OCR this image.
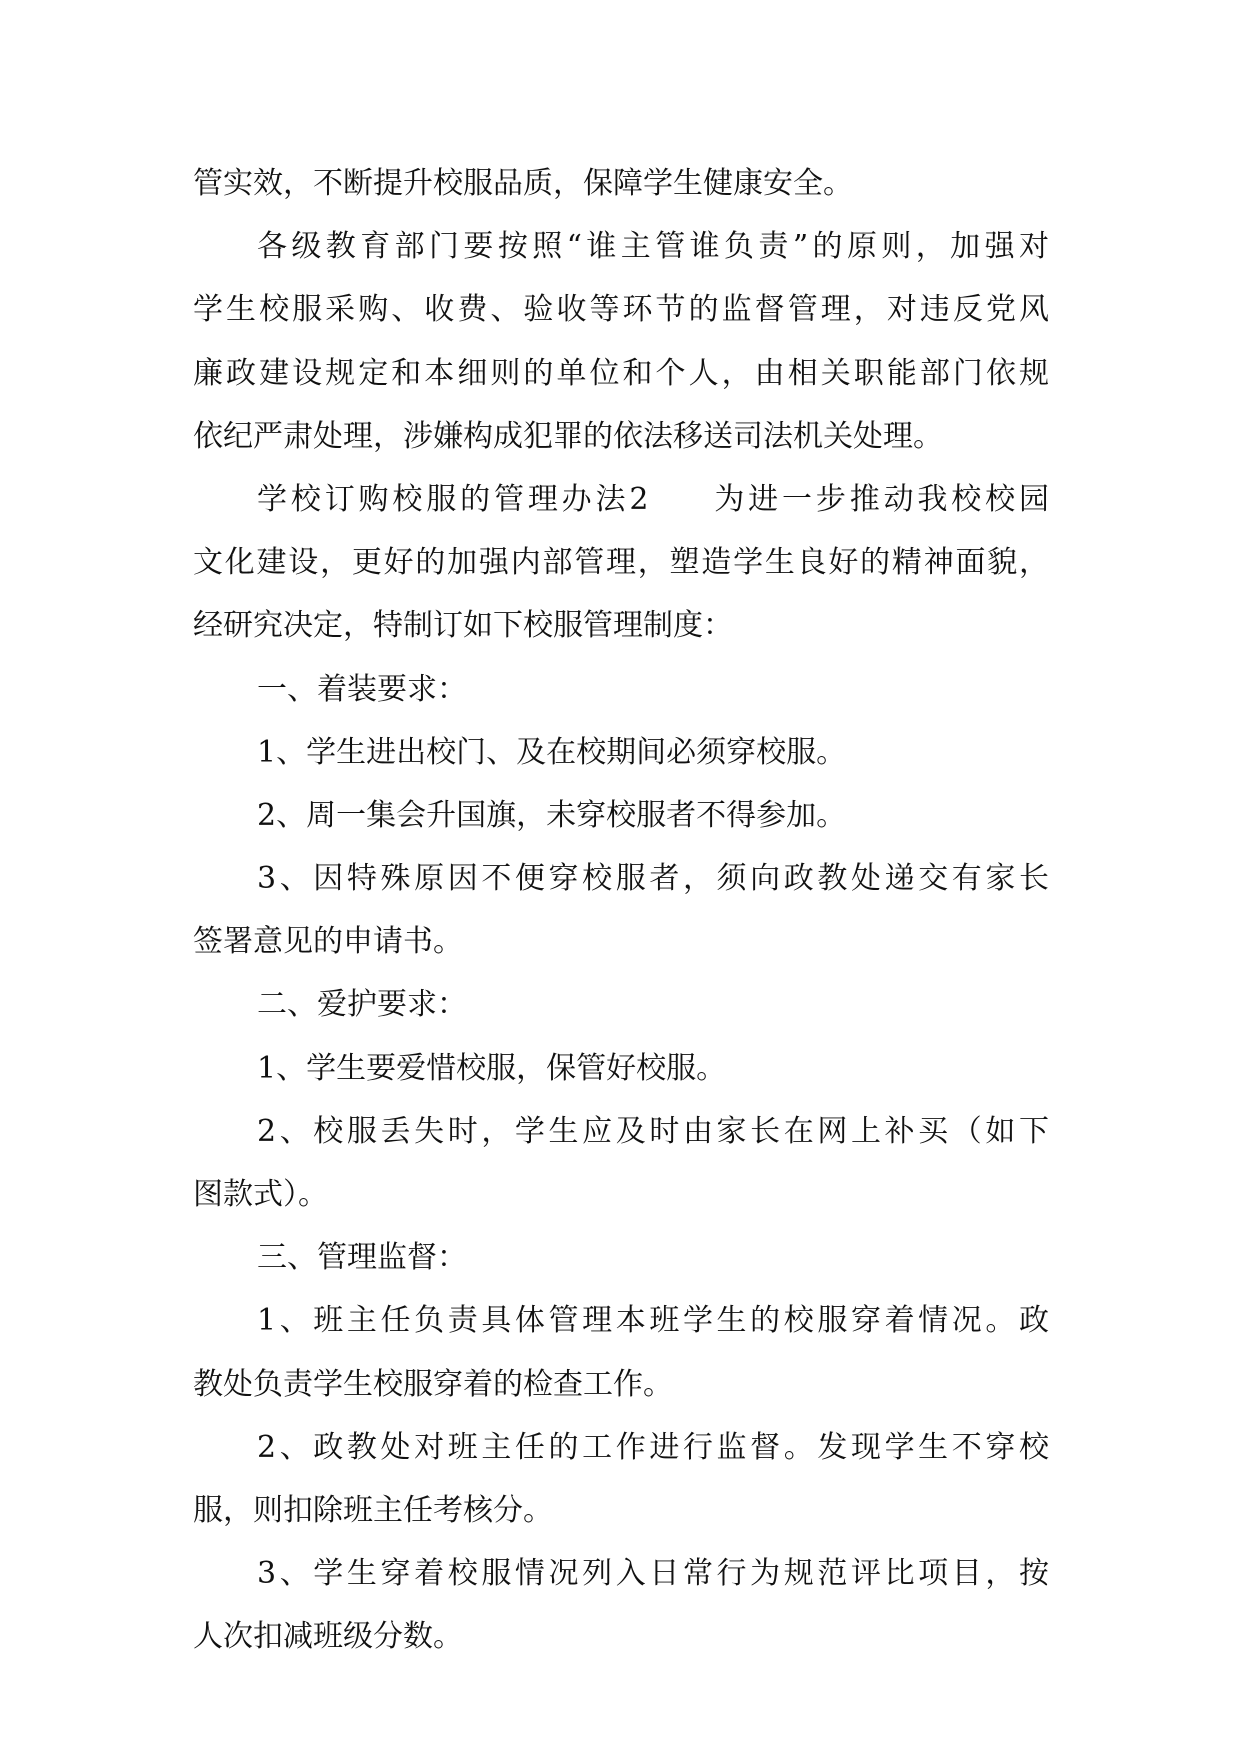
管实效，不断提升校服品质，保障学生健康安全。
各级教育部门要按照“谁主管谁负责”的原则，加强对
学生校服采购、收费、验收等环节的监督管理，对违反党风
廉政建设规定和本细则的单位和个人，由相关职能部门依规
依纪严肃处理，涉嫌构成犯罪的依法移送司法机关处理。
学校订购校服的管理办法2 为进一步推动我校校园
文化建设，更好的加强内部管理，塑造学生良好的精神面貌，
经研究决定，特制订如下校服管理制度：
一、着装要求：
1、学生进出校门、及在校期间必须穿校服。
2、周一集会升国旗，未穿校服者不得参加。
3、因特殊原因不便穿校服者，须向政教处递交有家长
签署意见的申请书。
二、爱护要求：
1、学生要爱惜校服，保管好校服。
2、校服丢失时，学生应及时由家长在网上补买（如下
图款式）。
三、管理监督：
1、班主任负责具体管理本班学生的校服穿着情况。政
教处负责学生校服穿着的检查工作。
2、政教处对班主任的工作进行监督。发现学生不穿校
服，则扣除班主任考核分。
3、学生穿着校服情况列入日常行为规范评比项目，按
人次扣减班级分数。
